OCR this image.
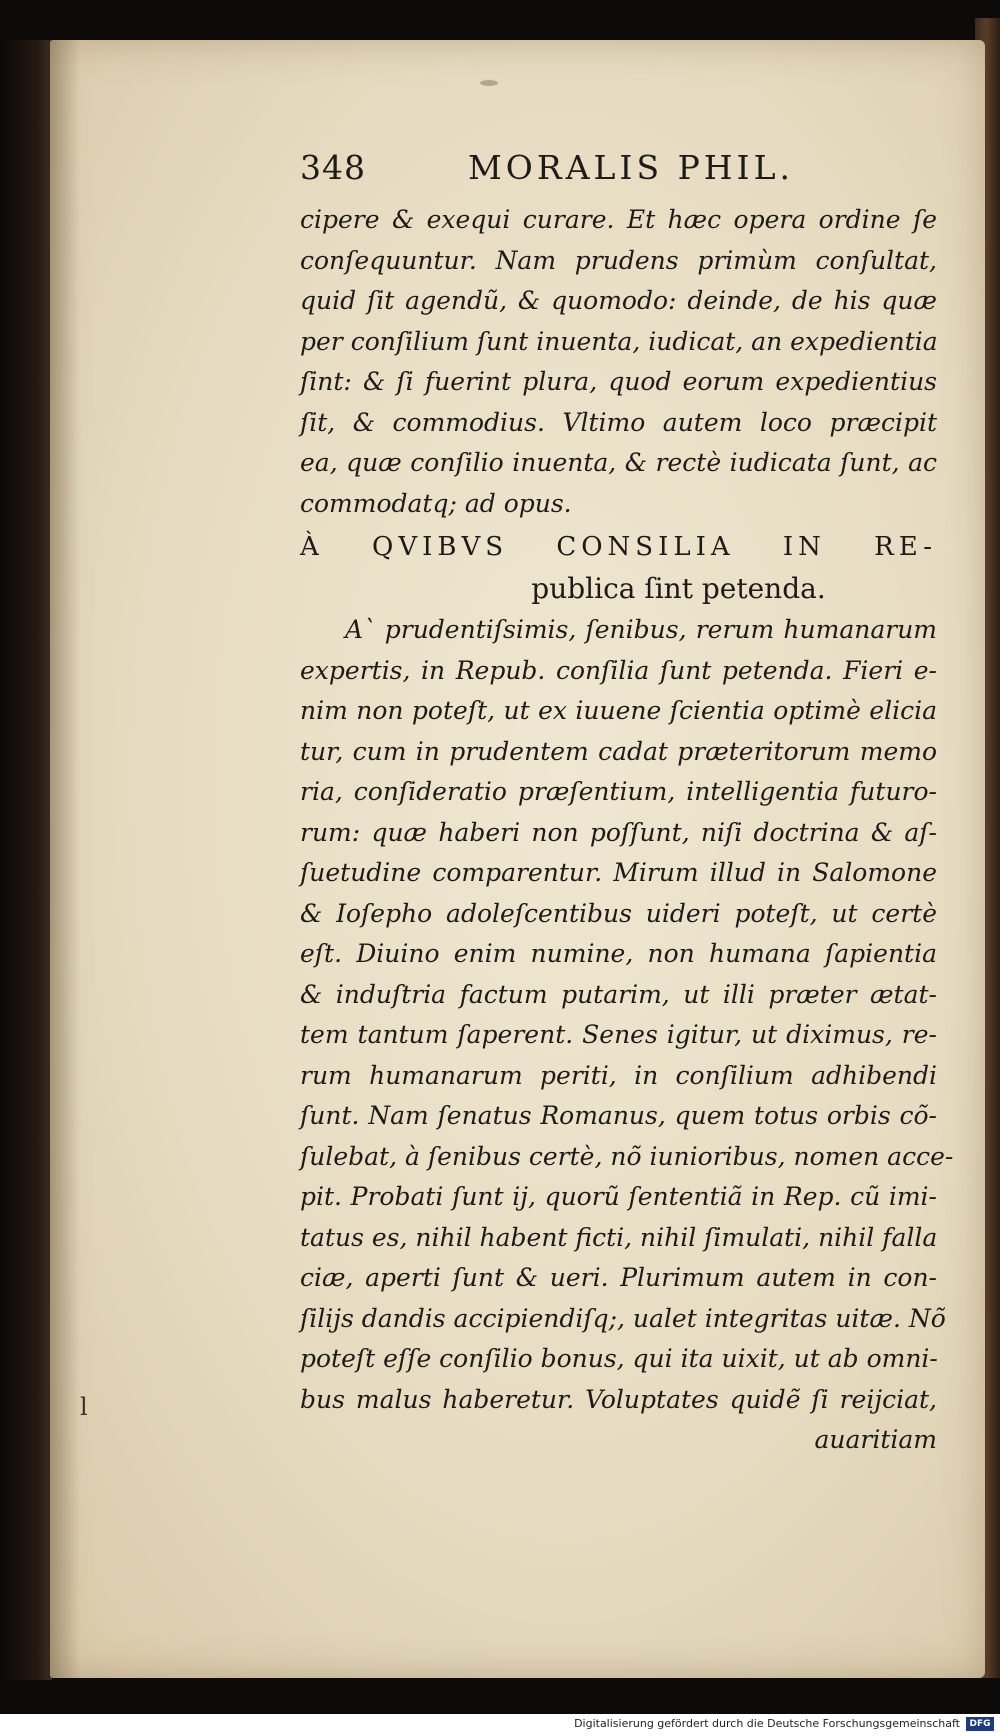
l
348	MORALIS PHIL.
cipere & exequi curare. Et hæc opera ordine ſe
conſequuntur. Nam prudens primùm conſultat,
quid ſit agendũ, & quomodo: deinde, de his quæ
per conſilium ſunt inuenta, iudicat, an expedientia
ſint: & ſi fuerint plura, quod eorum expedientius
ſit, & commodius. Vltimo autem loco præcipit
ea, quæ conſilio inuenta, & rectè iudicata ſunt, ac
commodatq; ad opus.
À QVIBVS CONSILIA IN RE-
publica ſint petenda.
A` prudentiſsimis, ſenibus, rerum humanarum
expertis, in Repub. conſilia ſunt petenda. Fieri e-
nim non poteſt, ut ex iuuene ſcientia optimè elicia
tur, cum in prudentem cadat præteritorum memo
ria, conſideratio præſentium, intelligentia futuro-
rum: quæ haberi non poſſunt, niſi doctrina & aſ-
ſuetudine comparentur. Mirum illud in Salomone
& Ioſepho adoleſcentibus uideri poteſt, ut certè
eſt. Diuino enim numine, non humana ſapientia
& induſtria factum putarim, ut illi præter ætat-
tem tantum ſaperent. Senes igitur, ut diximus, re-
rum humanarum periti, in conſilium adhibendi
ſunt. Nam ſenatus Romanus, quem totus orbis cõ-
ſulebat, à ſenibus certè, nõ iunioribus, nomen acce-
pit. Probati ſunt ij, quorũ ſententiã in Rep. cũ imi-
tatus es, nihil habent ficti, nihil ſimulati, nihil falla
ciæ, aperti ſunt & ueri. Plurimum autem in con-
ſilijs dandis accipiendiſq;, ualet integritas uitæ. Nõ
poteſt eſſe conſilio bonus, qui ita uixit, ut ab omni-
bus malus haberetur. Voluptates quidẽ ſi reijciat,
auaritiam
Digitalisierung gefördert durch die Deutsche Forschungsgemeinschaft	DFG
